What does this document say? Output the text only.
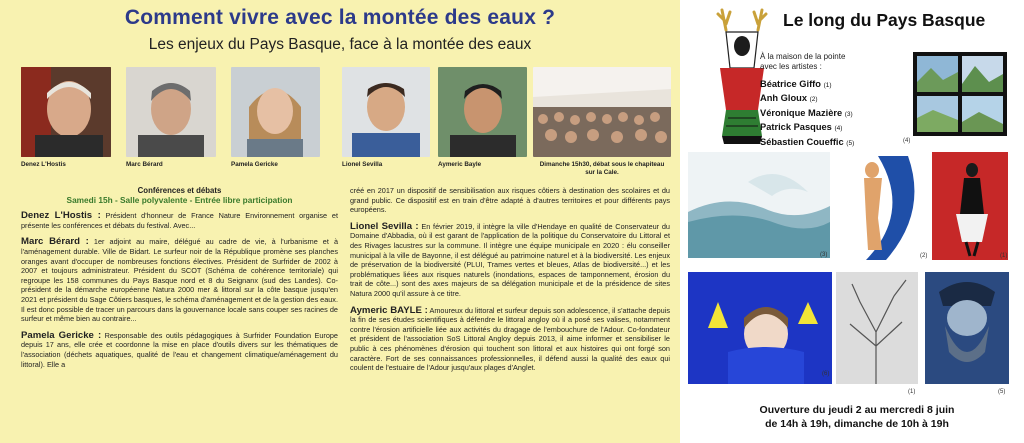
Comment vivre avec la montée des eaux ?
Les enjeux du Pays Basque, face à la montée des eaux
Denez L'Hostis	Marc Bérard	Pamela Gericke	Lionel Sevilla	Aymeric Bayle	Dimanche 15h30, débat sous le chapiteau sur la Cale.
Conférences et débats
Samedi 15h - Salle polyvalente - Entrée libre participation

Denez L'Hostis : Président d'honneur de France Nature Environnement organise et présente les conférences et débats du festival. Avec...

Marc Bérard : 1er adjoint au maire, délégué au cadre de vie, à l'urbanisme et à l'aménagement durable. Ville de Bidart. Le surfeur noir de la République promène ses planches oranges avant d'occuper de nombreuses fonctions électives. Président de Surfrider de 2002 à 2007 et toujours administrateur. Président du SCOT (Schéma de cohérence territoriale) qui regroupe les 158 communes du Pays Basque nord et 8 du Seignanx (sud des Landes). Co-président de la démarche européenne Natura 2000 mer & littoral sur la côte basque jusqu'en 2021 et président du Sage Côtiers basques, le schéma d'aménagement et de la gestion des eaux. Il est donc possible de tracer un parcours dans la gouvernance locale sans couper ses racines de surfeur et même bien au contraire...

Pamela Gericke : Responsable des outils pédagogiques à Surfrider Foundation Europe depuis 17 ans, elle crée et coordonne la mise en place d'outils divers sur les thématiques de l'association (déchets aquatiques, qualité de l'eau et changement climatique/aménagement du littoral). Elle a

créé en 2017 un dispositif de sensibilisation aux risques côtiers à destination des scolaires et du grand public. Ce dispositif est en train d'être adapté à d'autres territoires et pour différents pays européens.

Lionel Sevilla : En février 2019, il intègre la ville d'Hendaye en qualité de Conservateur du Domaine d'Abbadia, où il est garant de l'application de la politique du Conservatoire du Littoral et des Rivages lacustres sur la commune. Il intègre une équipe municipale en 2020 : élu conseiller municipal à la ville de Bayonne, il est délégué au patrimoine naturel et à la biodiversité. Les enjeux de préservation de la biodiversité (PLUI, Trames vertes et bleues, Atlas de biodiversité...) et les problématiques liées aux risques naturels (inondations, espaces de tamponnement, érosion du trait de côte...) sont des axes majeurs de sa délégation municipale et de la présidence de sites Natura 2000 qu'il assure à ce titre.

Aymeric BAYLE : Amoureux du littoral et surfeur depuis son adolescence, il s'attache depuis la fin de ses études scientifiques à défendre le littoral angloy où il a posé ses valises, notamment contre l'érosion artificielle liée aux activités du dragage de l'embouchure de l'Adour. Co-fondateur et président de l'association SoS Littoral Angloy depuis 2013, il aime informer et sensibiliser le public à ces phénomènes d'érosion qui touchent son littoral et aux histoires qui ont forgé son caractère. Fort de ses connaissances professionnelles, il défend aussi la qualité des eaux qui coulent de l'estuaire de l'Adour jusqu'aux plages d'Anglet.

Le long du Pays Basque
À la maison de la pointe
avec les artistes :
Béatrice Giffo (1)
Anh Gloux (2)
Véronique Mazière (3)
Patrick Pasques (4)
Sébastien Coueffic (5)	(4)
(3)	(2)	(1)
(6)
(1)	(5)
Ouverture du jeudi 2 au mercredi 8 juin
de 14h à 19h, dimanche de 10h à 19h
